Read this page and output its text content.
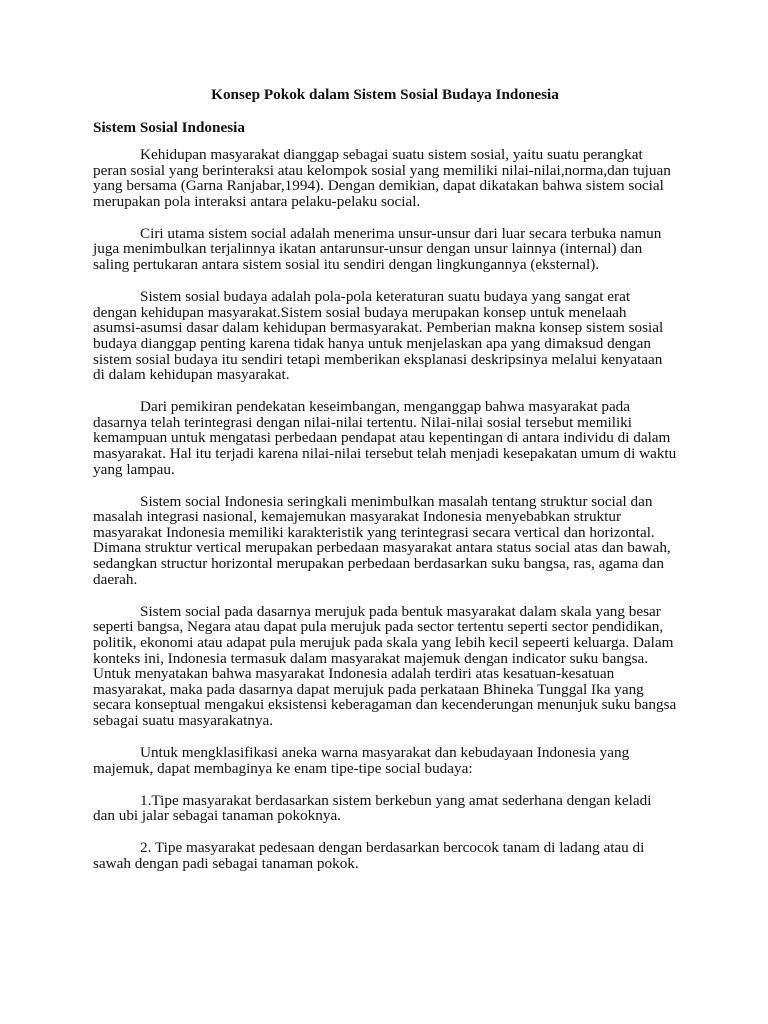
Konsep Pokok dalam Sistem Sosial Budaya Indonesia
Sistem Sosial Indonesia

Kehidupan masyarakat dianggap sebagai suatu sistem sosial, yaitu suatu perangkat peran sosial yang berinteraksi atau kelompok sosial yang memiliki nilai-nilai,norma,dan tujuan yang bersama (Garna Ranjabar,1994). Dengan demikian, dapat dikatakan bahwa sistem social merupakan pola interaksi antara pelaku-pelaku social.

Ciri utama sistem social adalah menerima unsur-unsur dari luar secara terbuka namun juga menimbulkan terjalinnya ikatan antarunsur-unsur dengan unsur lainnya (internal) dan saling pertukaran antara sistem sosial itu sendiri dengan lingkungannya (eksternal).

Sistem sosial budaya adalah pola-pola keteraturan suatu budaya yang sangat erat dengan kehidupan masyarakat.Sistem sosial budaya merupakan konsep untuk menelaah asumsi-asumsi dasar dalam kehidupan bermasyarakat. Pemberian makna konsep sistem sosial budaya dianggap penting karena tidak hanya untuk menjelaskan apa yang dimaksud dengan sistem sosial budaya itu sendiri tetapi memberikan eksplanasi deskripsinya melalui kenyataan di dalam kehidupan masyarakat.

Dari pemikiran pendekatan keseimbangan, menganggap bahwa masyarakat pada dasarnya telah terintegrasi dengan nilai-nilai tertentu. Nilai-nilai sosial tersebut memiliki kemampuan untuk mengatasi perbedaan pendapat atau kepentingan di antara individu di dalam masyarakat. Hal itu terjadi karena nilai-nilai tersebut telah menjadi kesepakatan umum di waktu yang lampau.

Sistem social Indonesia seringkali menimbulkan masalah tentang struktur social dan masalah integrasi nasional, kemajemukan masyarakat Indonesia menyebabkan struktur masyarakat Indonesia memiliki karakteristik yang terintegrasi secara vertical dan horizontal. Dimana struktur vertical merupakan perbedaan masyarakat antara status social atas dan bawah, sedangkan structur horizontal merupakan perbedaan berdasarkan suku bangsa, ras, agama dan daerah.

Sistem social pada dasarnya merujuk pada bentuk masyarakat dalam skala yang besar seperti bangsa, Negara atau dapat pula merujuk pada sector tertentu seperti sector pendidikan, politik, ekonomi atau adapat pula merujuk pada skala yang lebih kecil sepeerti keluarga. Dalam konteks ini, Indonesia termasuk dalam masyarakat majemuk dengan indicator suku bangsa. Untuk menyatakan bahwa masyarakat Indonesia adalah terdiri atas kesatuan-kesatuan masyarakat, maka pada dasarnya dapat merujuk pada perkataan Bhineka Tunggal Ika yang secara konseptual mengakui eksistensi keberagaman dan kecenderungan menunjuk suku bangsa sebagai suatu masyarakatnya.

Untuk mengklasifikasi aneka warna masyarakat dan kebudayaan Indonesia yang majemuk, dapat membaginya ke enam tipe-tipe social budaya:

1.Tipe masyarakat berdasarkan sistem berkebun yang amat sederhana dengan keladi dan ubi jalar sebagai tanaman pokoknya.

2. Tipe masyarakat pedesaan dengan berdasarkan bercocok tanam di ladang atau di sawah dengan padi sebagai tanaman pokok.
